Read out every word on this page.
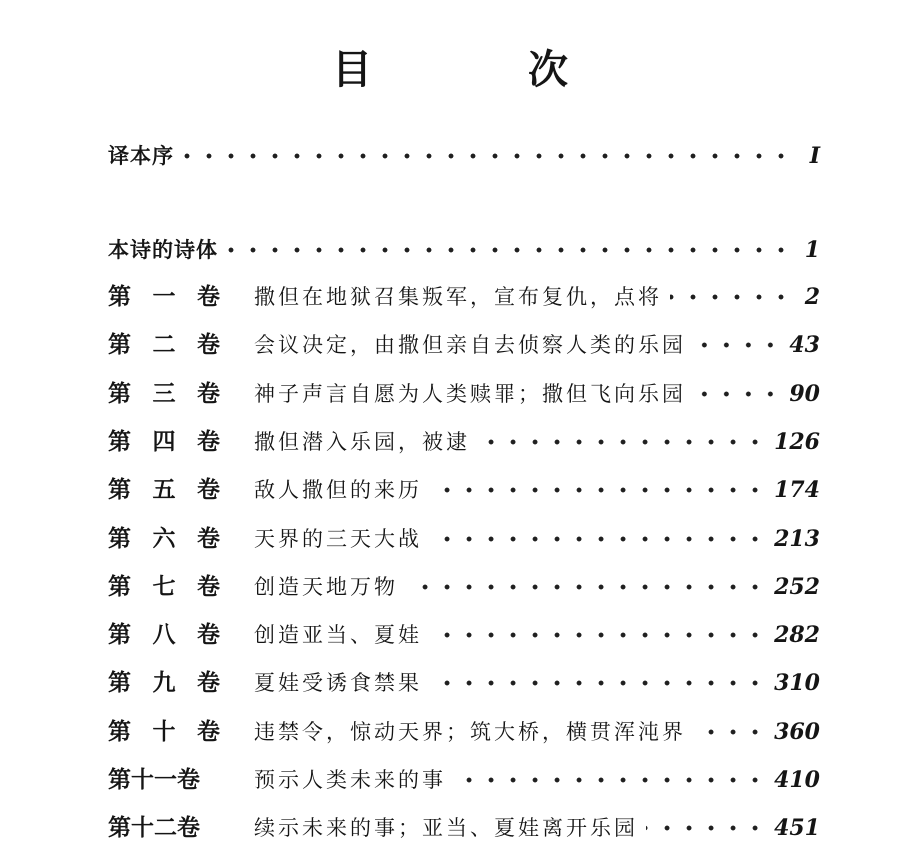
目　次
译本序	I
本诗的诗体	1
第 一 卷 撒但在地狱召集叛军，宣布复仇，点将	2
第 二 卷 会议决定，由撒但亲自去侦察人类的乐园	43
第 三 卷 神子声言自愿为人类赎罪；撒但飞向乐园	90
第 四 卷 撒但潜入乐园，被逮	126
第 五 卷 敌人撒但的来历	174
第 六 卷 天界的三天大战	213
第 七 卷 创造天地万物	252
第 八 卷 创造亚当、夏娃	282
第 九 卷 夏娃受诱食禁果	310
第 十 卷 违禁令，惊动天界；筑大桥，横贯浑沌界	360
第十一卷	预示人类未来的事	410
第十二卷	续示未来的事；亚当、夏娃离开乐园	451
